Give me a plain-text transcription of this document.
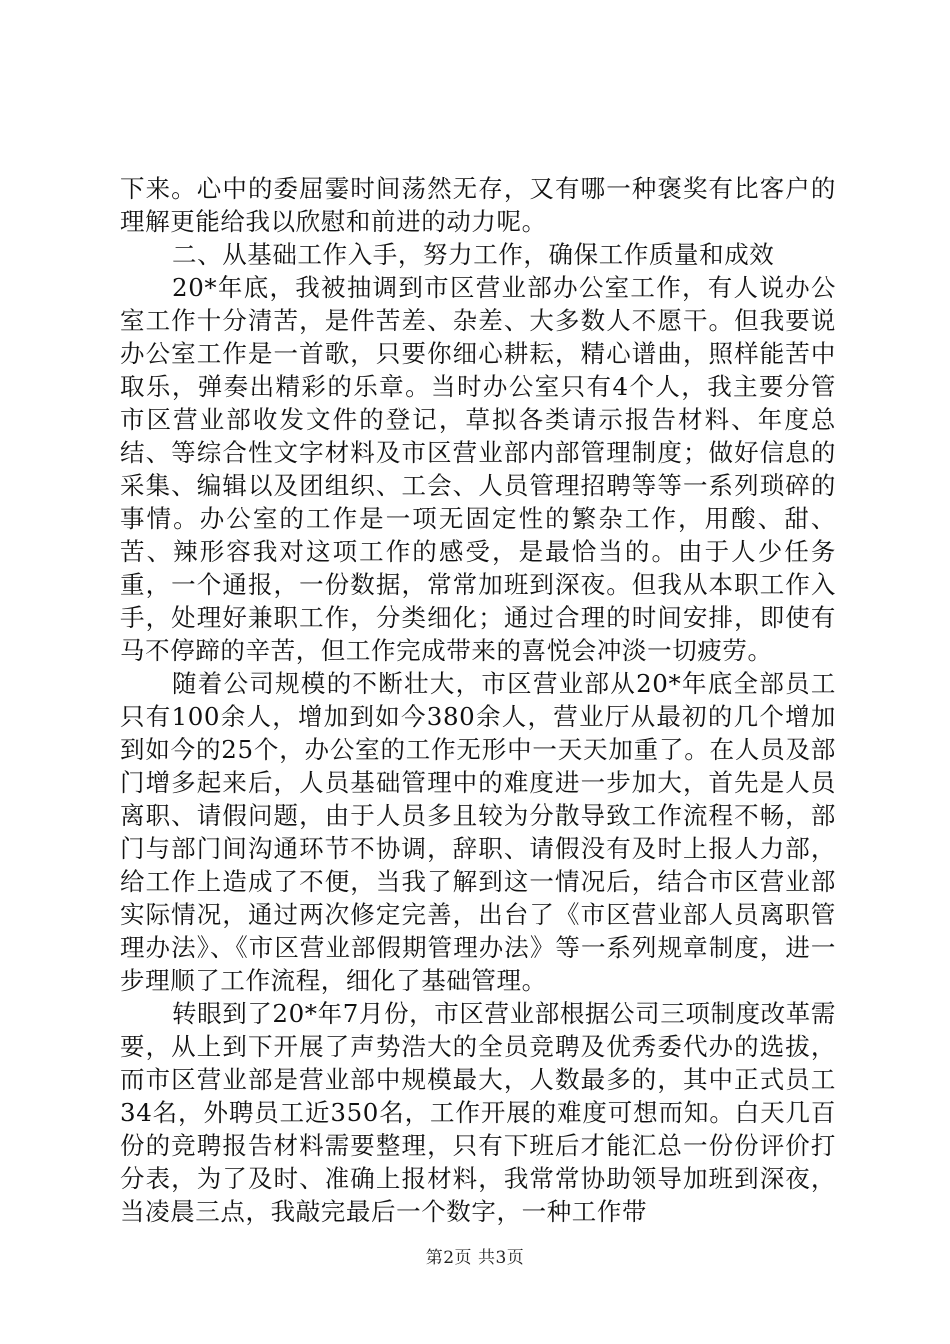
下来。心中的委屈霎时间荡然无存，又有哪一种褒奖有比客户的理解更能给我以欣慰和前进的动力呢。

二、从基础工作入手，努力工作，确保工作质量和成效

20*年底，我被抽调到市区营业部办公室工作，有人说办公室工作十分清苦，是件苦差、杂差、大多数人不愿干。但我要说办公室工作是一首歌，只要你细心耕耘，精心谱曲，照样能苦中取乐，弹奏出精彩的乐章。当时办公室只有4个人，我主要分管市区营业部收发文件的登记，草拟各类请示报告材料、年度总结、等综合性文字材料及市区营业部内部管理制度；做好信息的采集、编辑以及团组织、工会、人员管理招聘等等一系列琐碎的事情。办公室的工作是一项无固定性的繁杂工作，用酸、甜、苦、辣形容我对这项工作的感受，是最恰当的。由于人少任务重，一个通报，一份数据，常常加班到深夜。但我从本职工作入手，处理好兼职工作，分类细化；通过合理的时间安排，即使有马不停蹄的辛苦，但工作完成带来的喜悦会冲淡一切疲劳。

随着公司规模的不断壮大，市区营业部从20*年底全部员工只有100余人，增加到如今380余人，营业厅从最初的几个增加到如今的25个，办公室的工作无形中一天天加重了。在人员及部门增多起来后，人员基础管理中的难度进一步加大，首先是人员离职、请假问题，由于人员多且较为分散导致工作流程不畅，部门与部门间沟通环节不协调，辞职、请假没有及时上报人力部，给工作上造成了不便，当我了解到这一情况后，结合市区营业部实际情况，通过两次修定完善，出台了《市区营业部人员离职管理办法》、《市区营业部假期管理办法》等一系列规章制度，进一步理顺了工作流程，细化了基础管理。

转眼到了20*年7月份，市区营业部根据公司三项制度改革需要，从上到下开展了声势浩大的全员竞聘及优秀委代办的选拔，而市区营业部是营业部中规模最大，人数最多的，其中正式员工34名，外聘员工近350名，工作开展的难度可想而知。白天几百份的竞聘报告材料需要整理，只有下班后才能汇总一份份评价打分表，为了及时、准确上报材料，我常常协助领导加班到深夜，当凌晨三点，我敲完最后一个数字，一种工作带

第2页 共3页
